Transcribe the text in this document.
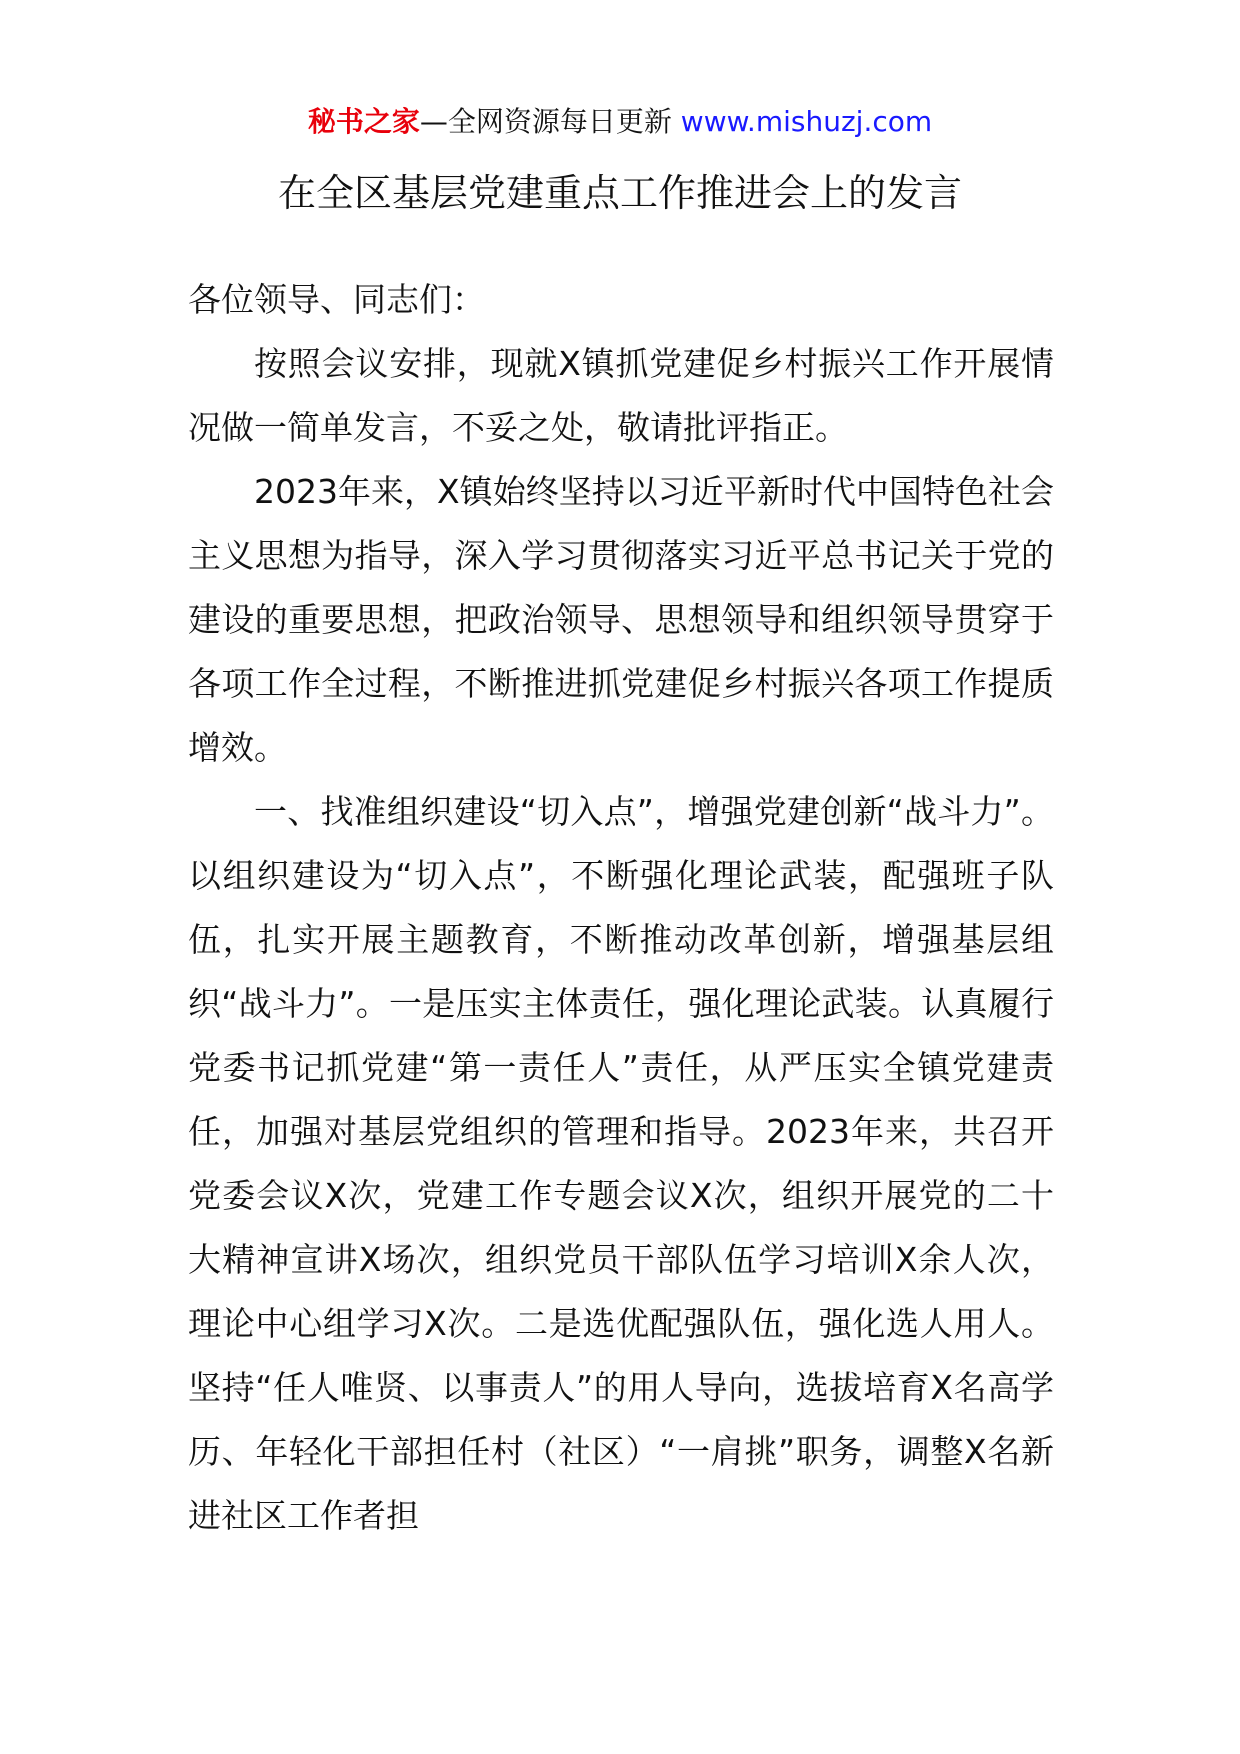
秘书之家—全网资源每日更新 www.mishuzj.com
在全区基层党建重点工作推进会上的发言

各位领导、同志们：

按照会议安排，现就X镇抓党建促乡村振兴工作开展情况做一简单发言，不妥之处，敬请批评指正。

2023年来，X镇始终坚持以习近平新时代中国特色社会主义思想为指导，深入学习贯彻落实习近平总书记关于党的建设的重要思想，把政治领导、思想领导和组织领导贯穿于各项工作全过程，不断推进抓党建促乡村振兴各项工作提质增效。

一、找准组织建设“切入点”，增强党建创新“战斗力”。以组织建设为“切入点”，不断强化理论武装，配强班子队伍，扎实开展主题教育，不断推动改革创新，增强基层组织“战斗力”。一是压实主体责任，强化理论武装。认真履行党委书记抓党建“第一责任人”责任，从严压实全镇党建责任，加强对基层党组织的管理和指导。2023年来，共召开党委会议X次，党建工作专题会议X次，组织开展党的二十大精神宣讲X场次，组织党员干部队伍学习培训X余人次，理论中心组学习X次。二是选优配强队伍，强化选人用人。坚持“任人唯贤、以事责人”的用人导向，选拔培育X名高学历、年轻化干部担任村（社区）“一肩挑”职务，调整X名新进社区工作者担
